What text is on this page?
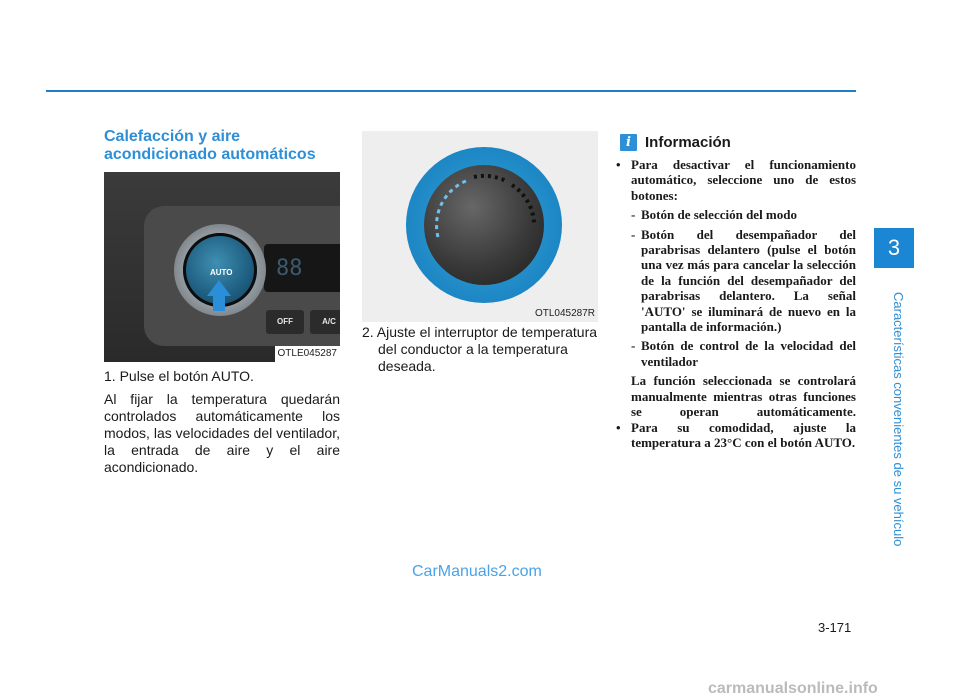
Calefacción y aire
acondicionado automáticos
88
AUTO
OFF	A/C
OTLE045287

1. Pulse el botón AUTO.

Al fijar la temperatura quedarán controlados automáticamente los modos, las velocidades del ventilador, la entrada de aire y el aire acondicionado.

OTL045287R
2. Ajuste el interruptor de temperatura del conductor a la temperatura deseada.
i Información
• Para desactivar el funcionamiento automático, seleccione uno de estos botones:
- Botón de selección del modo
- Botón del desempañador del parabrisas delantero (pulse el botón una vez más para cancelar la selección de la función del desempañador del parabrisas delantero. La señal 'AUTO' se iluminará de nuevo en la pantalla de información.)
- Botón de control de la velocidad del ventilador
La función seleccionada se controlará manualmente mientras otras funciones se operan automáticamente.
• Para su comodidad, ajuste la temperatura a 23°C con el botón AUTO.
3
Características convenientes de su vehículo
3-171
CarManuals2.com
carmanualsonline.info
